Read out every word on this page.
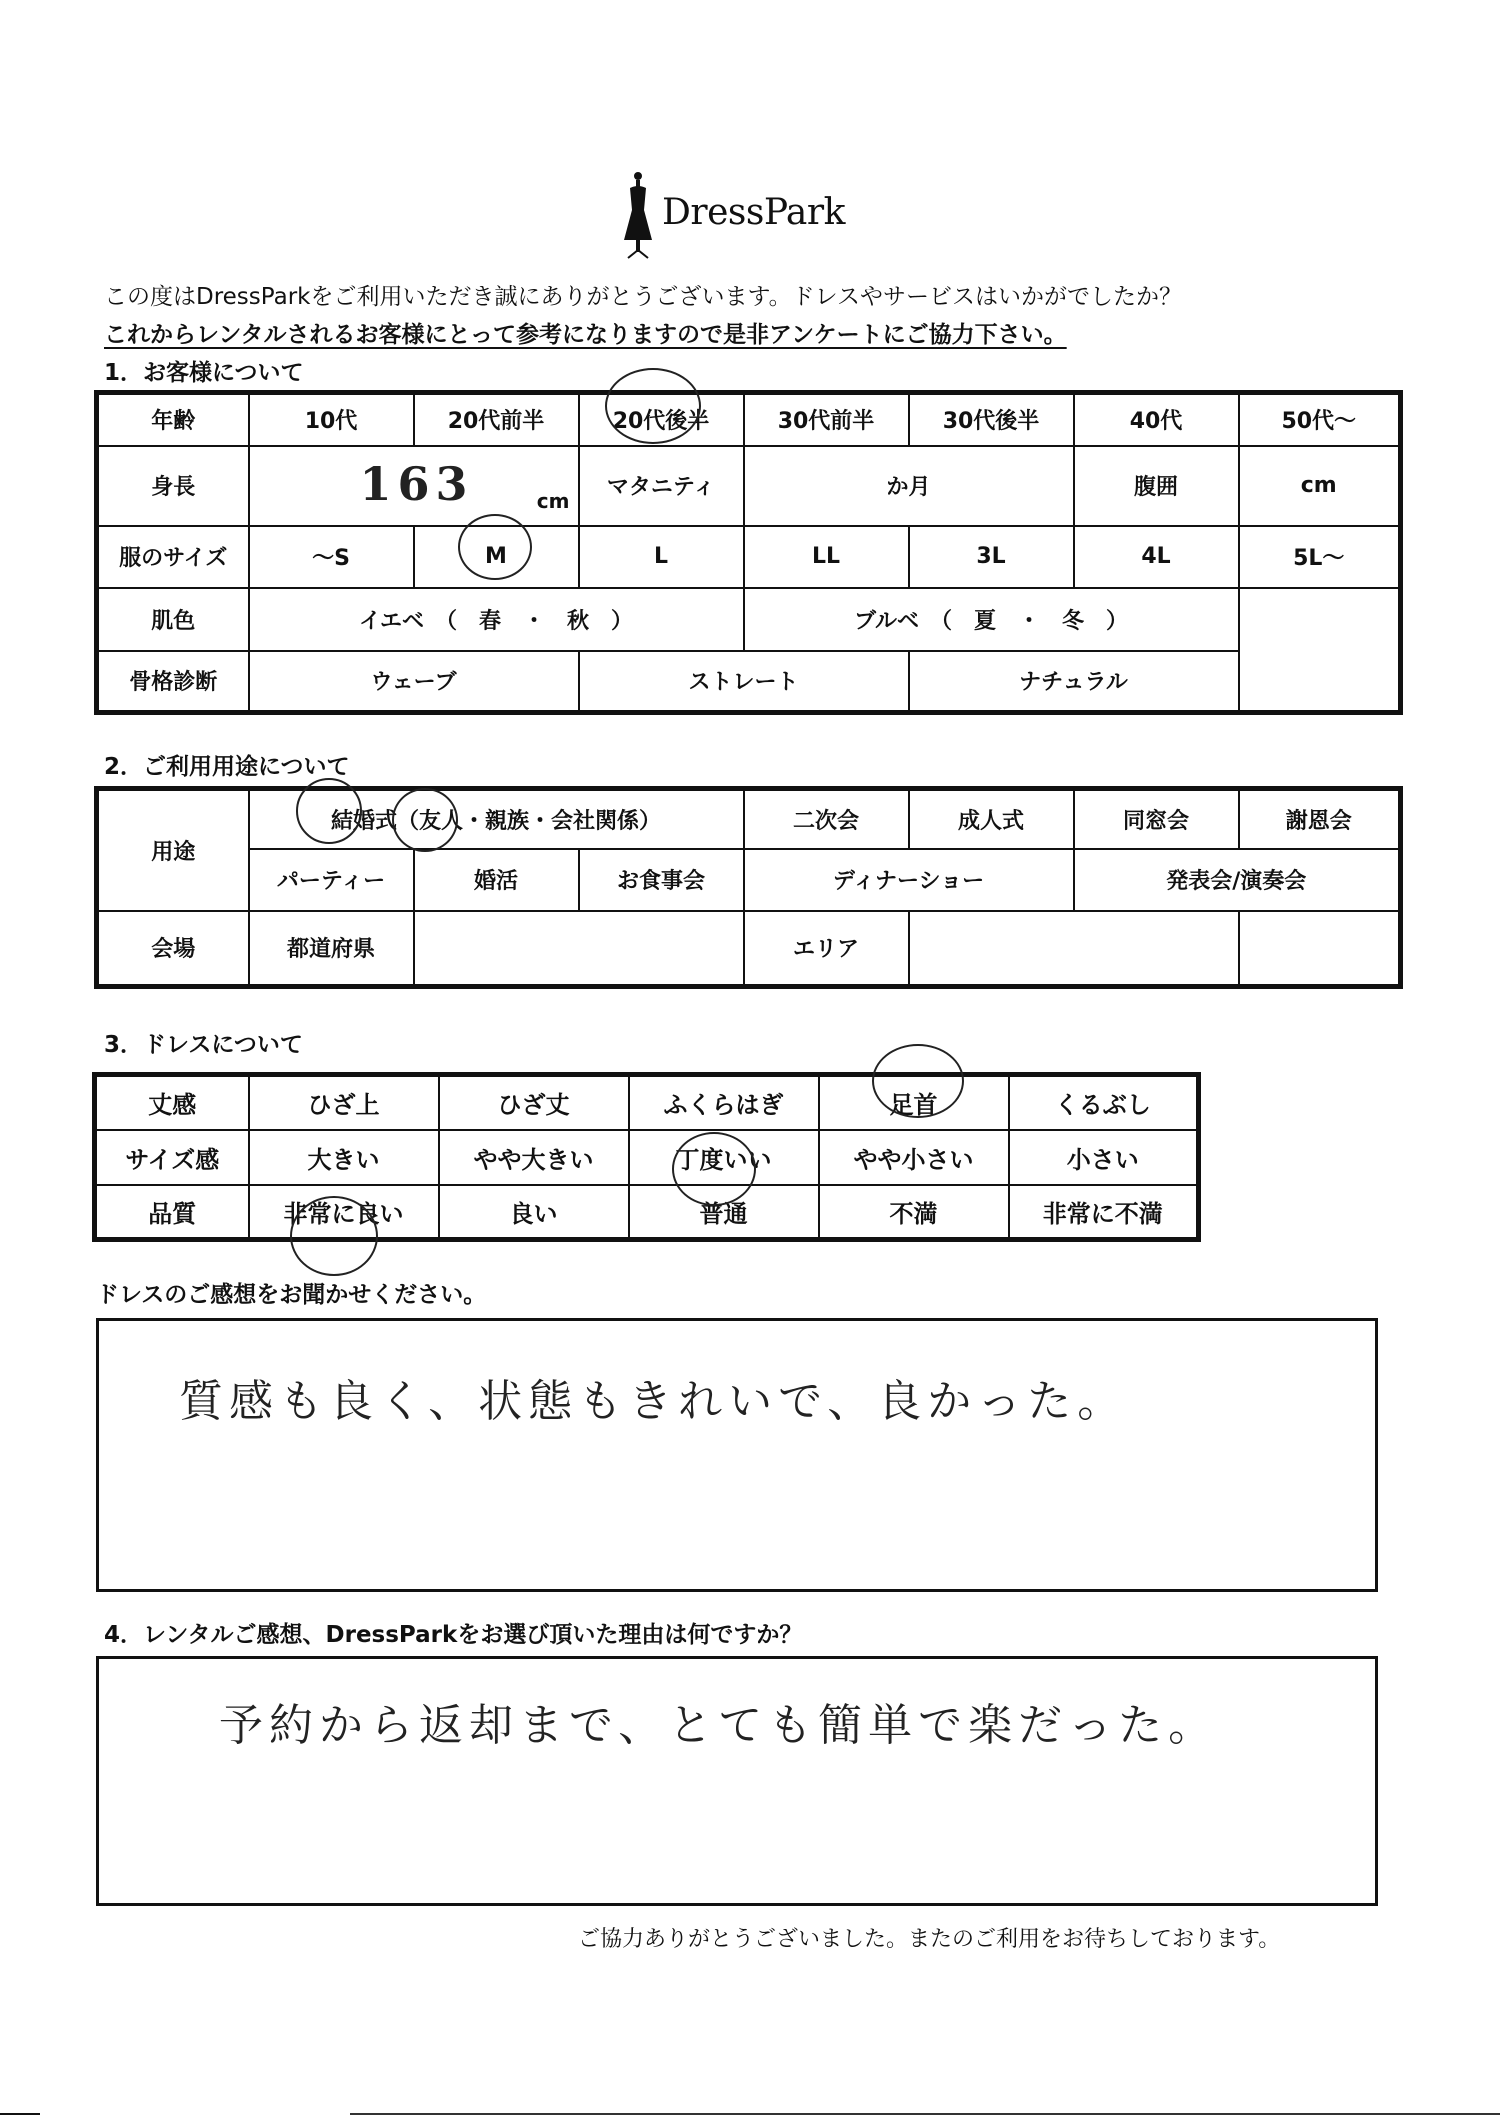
DressPark
この度はDressParkをご利用いただき誠にありがとうございます。ドレスやサービスはいかがでしたか？
これからレンタルされるお客様にとって参考になりますので是非アンケートにご協力下さい。
1．お客様について
年齢	10代	20代前半	20代後半	30代前半	30代後半	40代	50代～
身長	163 cm		マタニティ	か月		腹囲	cm
服のサイズ	～S	M	L	LL	3L	4L	5L～
肌色	イエベ　（　春　・　秋　）			ブルベ　（　夏　・　冬　）			
骨格診断	ウェーブ		ストレート		ナチュラル		
2．ご利用用途について
用途	結婚式（友人・親族・会社関係）			二次会	成人式	同窓会	謝恩会
	パーティー	婚活	お食事会	ディナーショー		発表会/演奏会	
会場	都道府県			エリア			
3．ドレスについて
丈感	ひざ上	ひざ丈	ふくらはぎ	足首	くるぶし
サイズ感	大きい	やや大きい	丁度いい	やや小さい	小さい
品質	非常に良い	良い	普通	不満	非常に不満
ドレスのご感想をお聞かせください。
質感も良く、状態もきれいで、良かった。
4．レンタルご感想、DressParkをお選び頂いた理由は何ですか？
予約から返却まで、とても簡単で楽だった。
ご協力ありがとうございました。またのご利用をお待ちしております。
